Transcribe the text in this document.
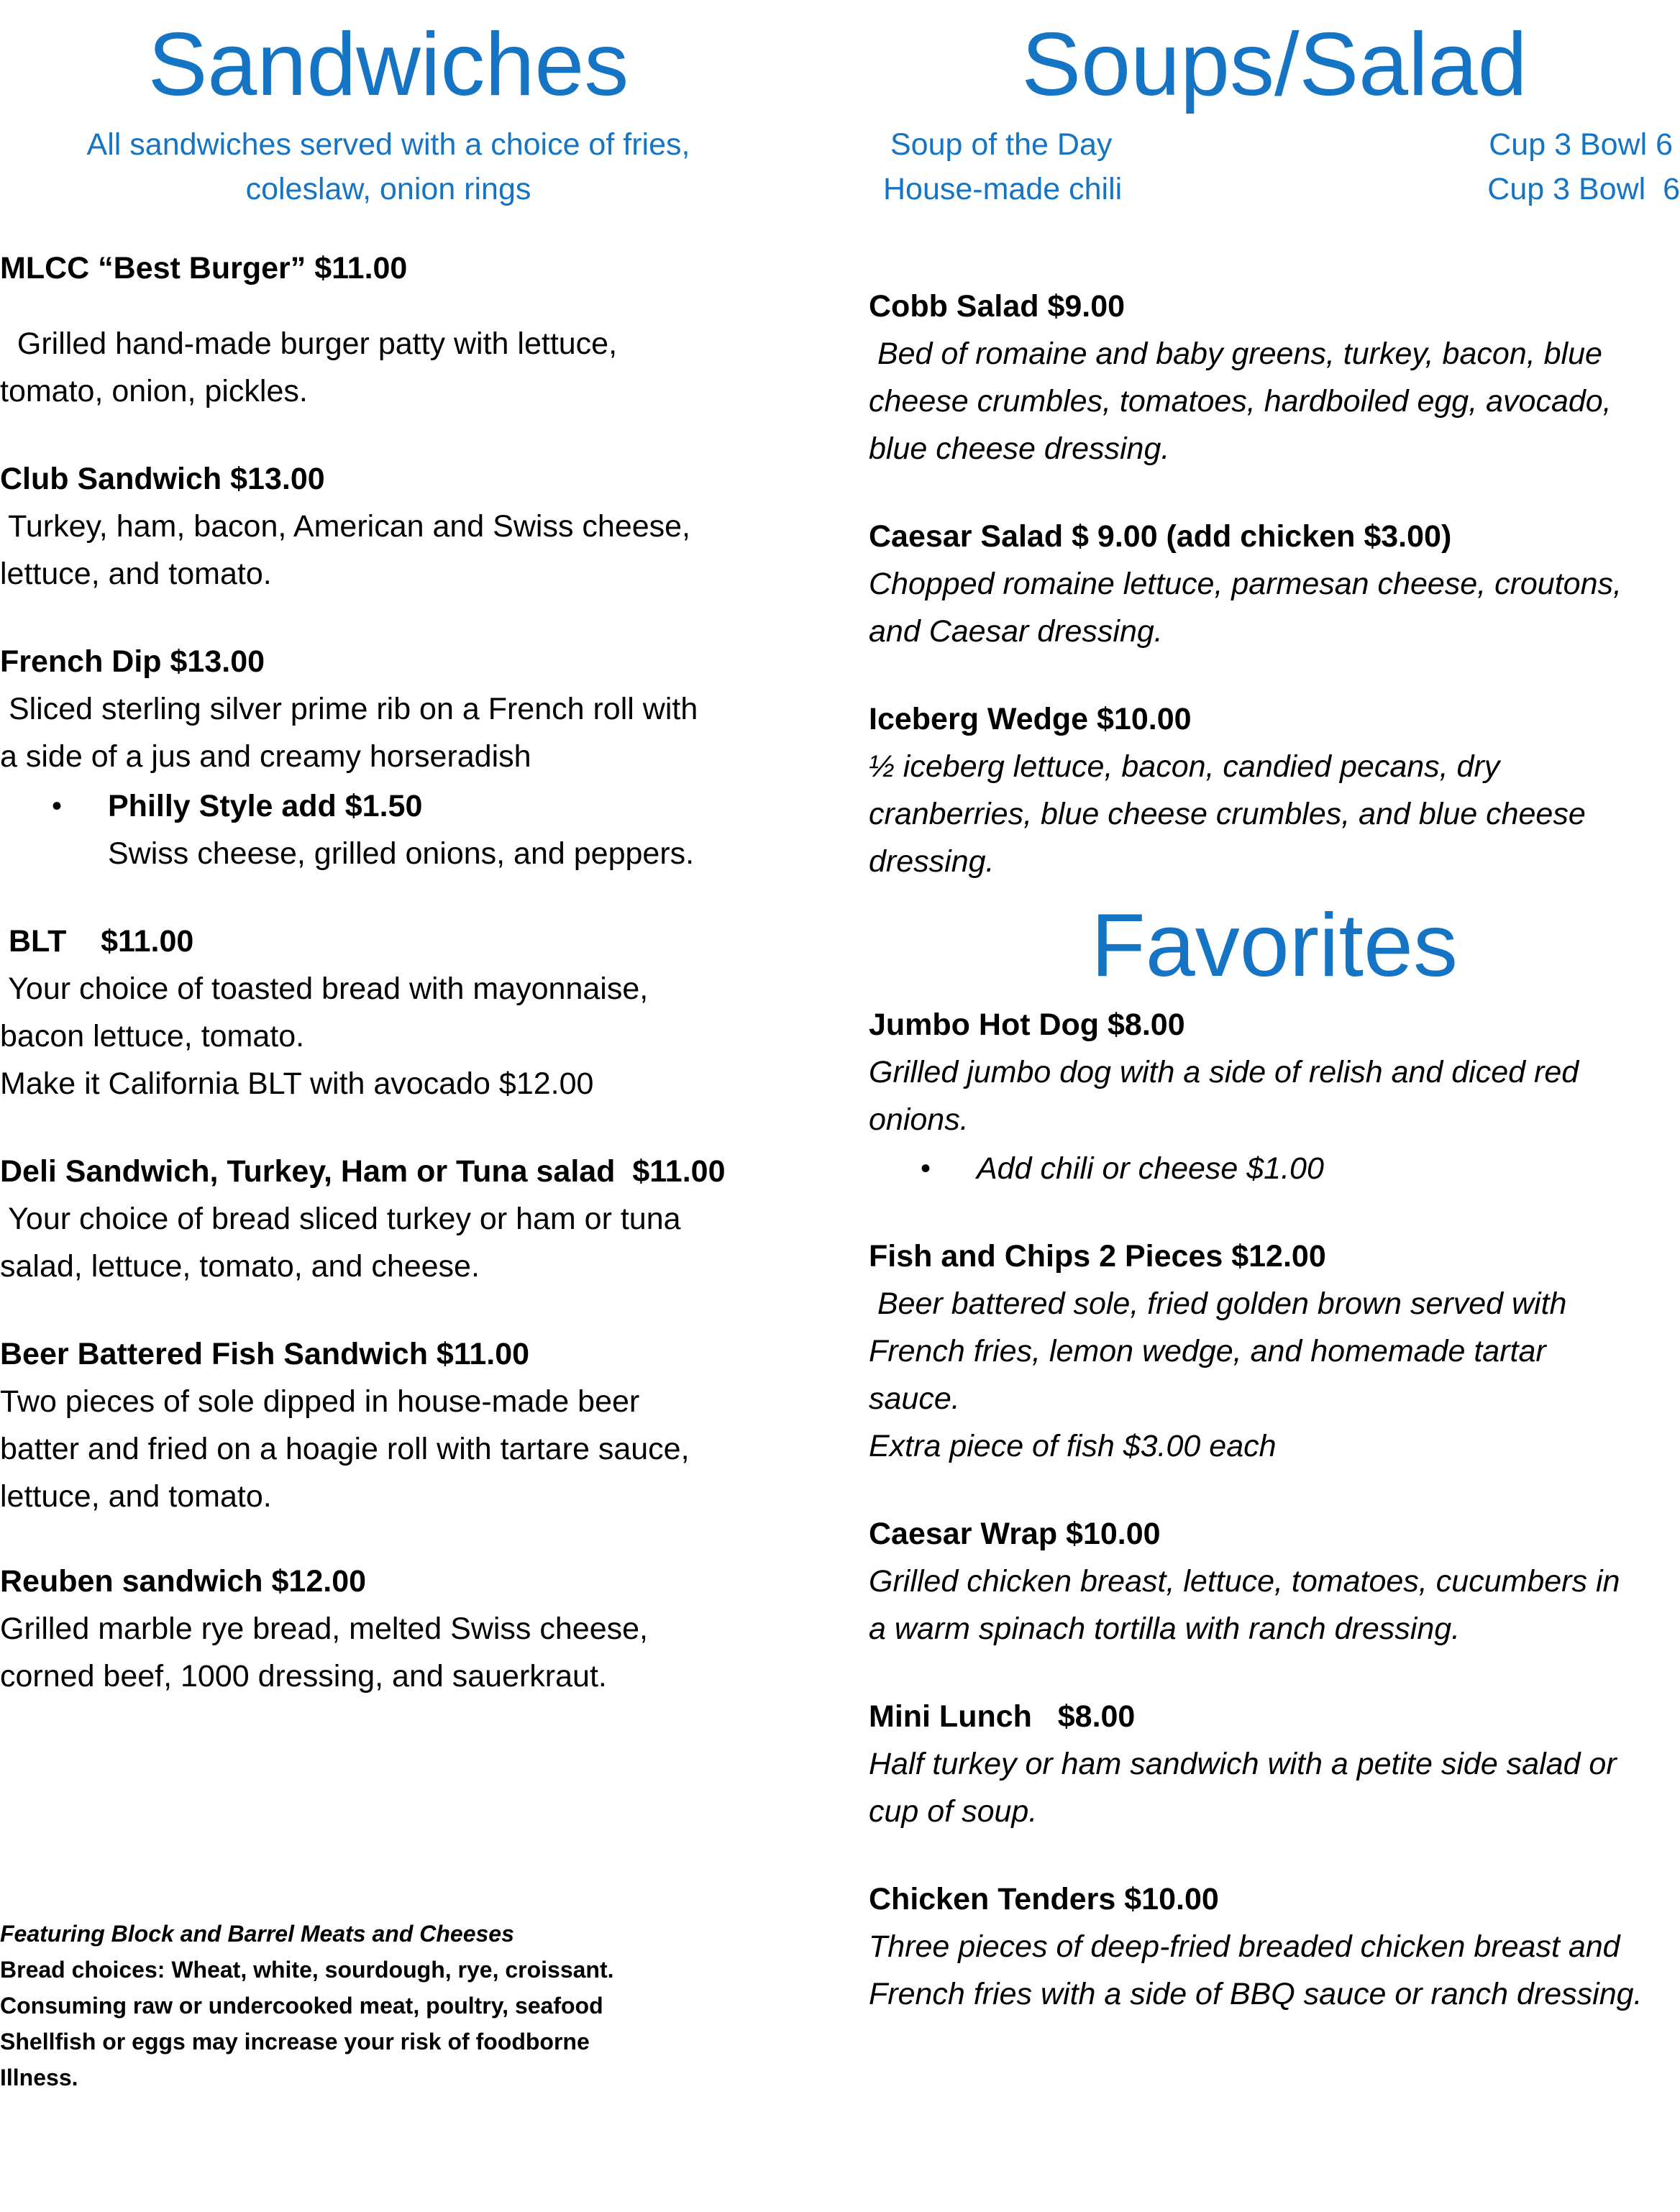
Sandwiches
All sandwiches served with a choice of fries,
coleslaw, onion rings
MLCC “Best Burger” $11.00
Grilled hand-made burger patty with lettuce,
tomato, onion, pickles.
Club Sandwich $13.00
Turkey, ham, bacon, American and Swiss cheese,
lettuce, and tomato.
French Dip $13.00
Sliced sterling silver prime rib on a French roll with
a side of a jus and creamy horseradish
• Philly Style add $1.50
Swiss cheese, grilled onions, and peppers.
BLT    $11.00
Your choice of toasted bread with mayonnaise,
bacon lettuce, tomato.
Make it California BLT with avocado $12.00
Deli Sandwich, Turkey, Ham or Tuna salad  $11.00
Your choice of bread sliced turkey or ham or tuna
salad, lettuce, tomato, and cheese.
Beer Battered Fish Sandwich $11.00
Two pieces of sole dipped in house-made beer
batter and fried on a hoagie roll with tartare sauce,
lettuce, and tomato.
Reuben sandwich $12.00
Grilled marble rye bread, melted Swiss cheese,
corned beef, 1000 dressing, and sauerkraut.
Featuring Block and Barrel Meats and Cheeses
Bread choices: Wheat, white, sourdough, rye, croissant.
Consuming raw or undercooked meat, poultry, seafood
Shellfish or eggs may increase your risk of foodborne
Illness.
Soups/Salad
Soup of the Day	Cup 3 Bowl 6
House-made chili	Cup 3 Bowl  6
Cobb Salad $9.00
Bed of romaine and baby greens, turkey, bacon, blue
cheese crumbles, tomatoes, hardboiled egg, avocado,
blue cheese dressing.
Caesar Salad $ 9.00 (add chicken $3.00)
Chopped romaine lettuce, parmesan cheese, croutons,
and Caesar dressing.
Iceberg Wedge $10.00
½ iceberg lettuce, bacon, candied pecans, dry
cranberries, blue cheese crumbles, and blue cheese
dressing.
Favorites
Jumbo Hot Dog $8.00
Grilled jumbo dog with a side of relish and diced red
onions.
• Add chili or cheese $1.00
Fish and Chips 2 Pieces $12.00
Beer battered sole, fried golden brown served with
French fries, lemon wedge, and homemade tartar
sauce.
Extra piece of fish $3.00 each
Caesar Wrap $10.00
Grilled chicken breast, lettuce, tomatoes, cucumbers in
a warm spinach tortilla with ranch dressing.
Mini Lunch   $8.00
Half turkey or ham sandwich with a petite side salad or
cup of soup.
Chicken Tenders $10.00
Three pieces of deep-fried breaded chicken breast and
French fries with a side of BBQ sauce or ranch dressing.
